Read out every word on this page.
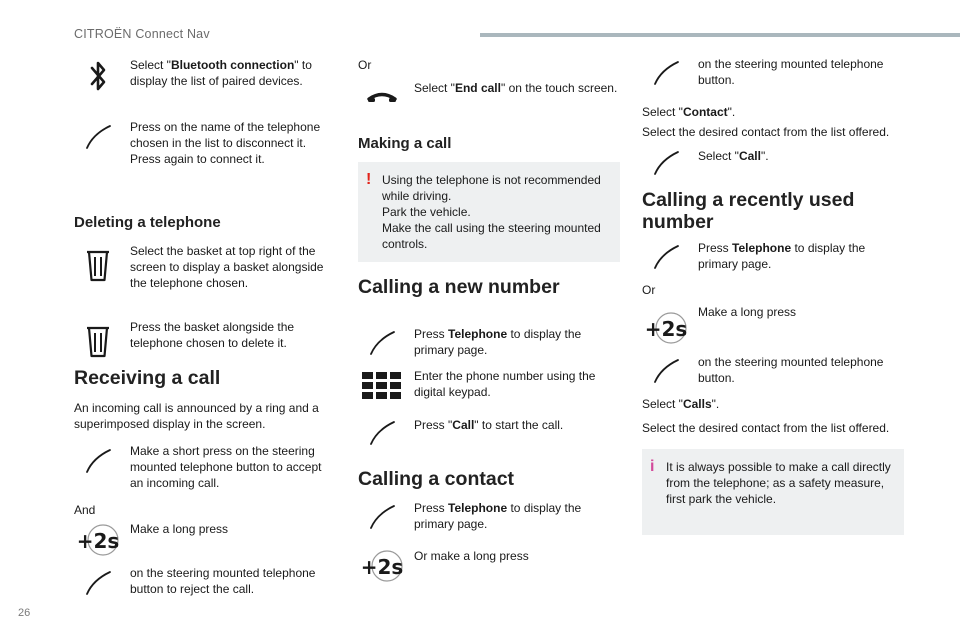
CITROËN Connect Nav
26
Select "Bluetooth connection" to display the list of paired devices.
Press on the name of the telephone chosen in the list to disconnect it. Press again to connect it.
Deleting a telephone
Select the basket at top right of the screen to display a basket alongside the telephone chosen.
Press the basket alongside the telephone chosen to delete it.
Receiving a call
An incoming call is announced by a ring and a superimposed display in the screen.
Make a short press on the steering mounted telephone button to accept an incoming call.
And
+2s Make a long press
on the steering mounted telephone button to reject the call.
Or
Select "End call" on the touch screen.
Making a call
! Using the telephone is not recommended while driving.
Park the vehicle.
Make the call using the steering mounted controls.
Calling a new number
Press Telephone to display the primary page.
Enter the phone number using the digital keypad.
Press "Call" to start the call.
Calling a contact
Press Telephone to display the primary page.
+2s Or make a long press
on the steering mounted telephone button.
Select "Contact".
Select the desired contact from the list offered.
Select "Call".
Calling a recently used number
Press Telephone to display the primary page.
Or
+2s
Make a long press
on the steering mounted telephone button.
Select "Calls".
Select the desired contact from the list offered.
i It is always possible to make a call directly from the telephone; as a safety measure, first park the vehicle.
